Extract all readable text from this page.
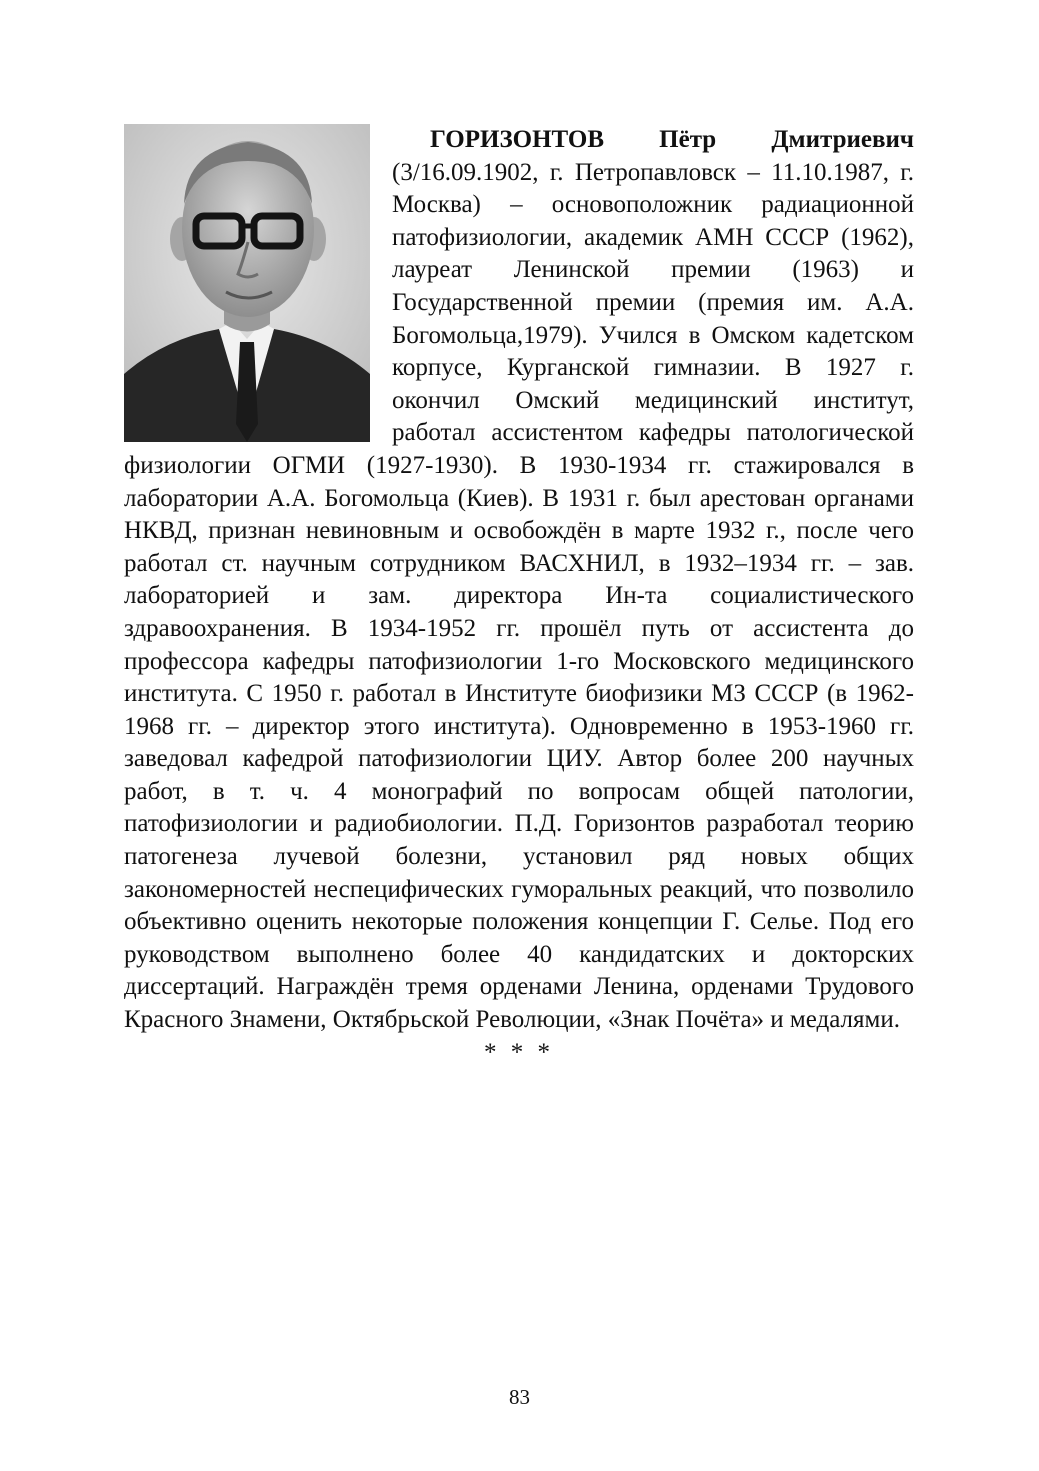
ГОРИЗОНТОВ Пётр Дмитриевич (3/16.09.1902, г. Петропавловск – 11.10.1987, г. Москва) – основоположник радиационной патофизиологии, академик АМН СССР (1962), лауреат Ленинской премии (1963) и Государственной премии (премия им. А.А. Богомольца,1979). Учился в Омском кадетском корпусе, Курганской гимназии. В 1927 г. окончил Омский медицинский институт, работал ассистентом кафедры патологической физиологии ОГМИ (1927-1930). В 1930-1934 гг. стажировался в лаборатории А.А. Богомольца (Киев). В 1931 г. был арестован органами НКВД, признан невиновным и освобождён в марте 1932 г., после чего работал ст. научным сотрудником ВАСХНИЛ, в 1932–1934 гг. – зав. лабораторией и зам. директора Ин-та социалистического здравоохранения. В 1934-1952 гг. прошёл путь от ассистента до профессора кафедры патофизиологии 1-го Московского медицинского института. С 1950 г. работал в Институте биофизики МЗ СССР (в 1962-1968 гг. – директор этого института). Одновременно в 1953-1960 гг. заведовал кафедрой патофизиологии ЦИУ. Автор более 200 научных работ, в т. ч. 4 монографий по вопросам общей патологии, патофизиологии и радиобиологии. П.Д. Горизонтов разработал теорию патогенеза лучевой болезни, установил ряд новых общих закономерностей неспецифических гуморальных реакций, что позволило объективно оценить некоторые положения концепции Г. Селье. Под его руководством выполнено более 40 кандидатских и докторских диссертаций. Награждён тремя орденами Ленина, орденами Трудового Красного Знамени, Октябрьской Революции, «Знак Почёта» и медалями.

* * *
83
